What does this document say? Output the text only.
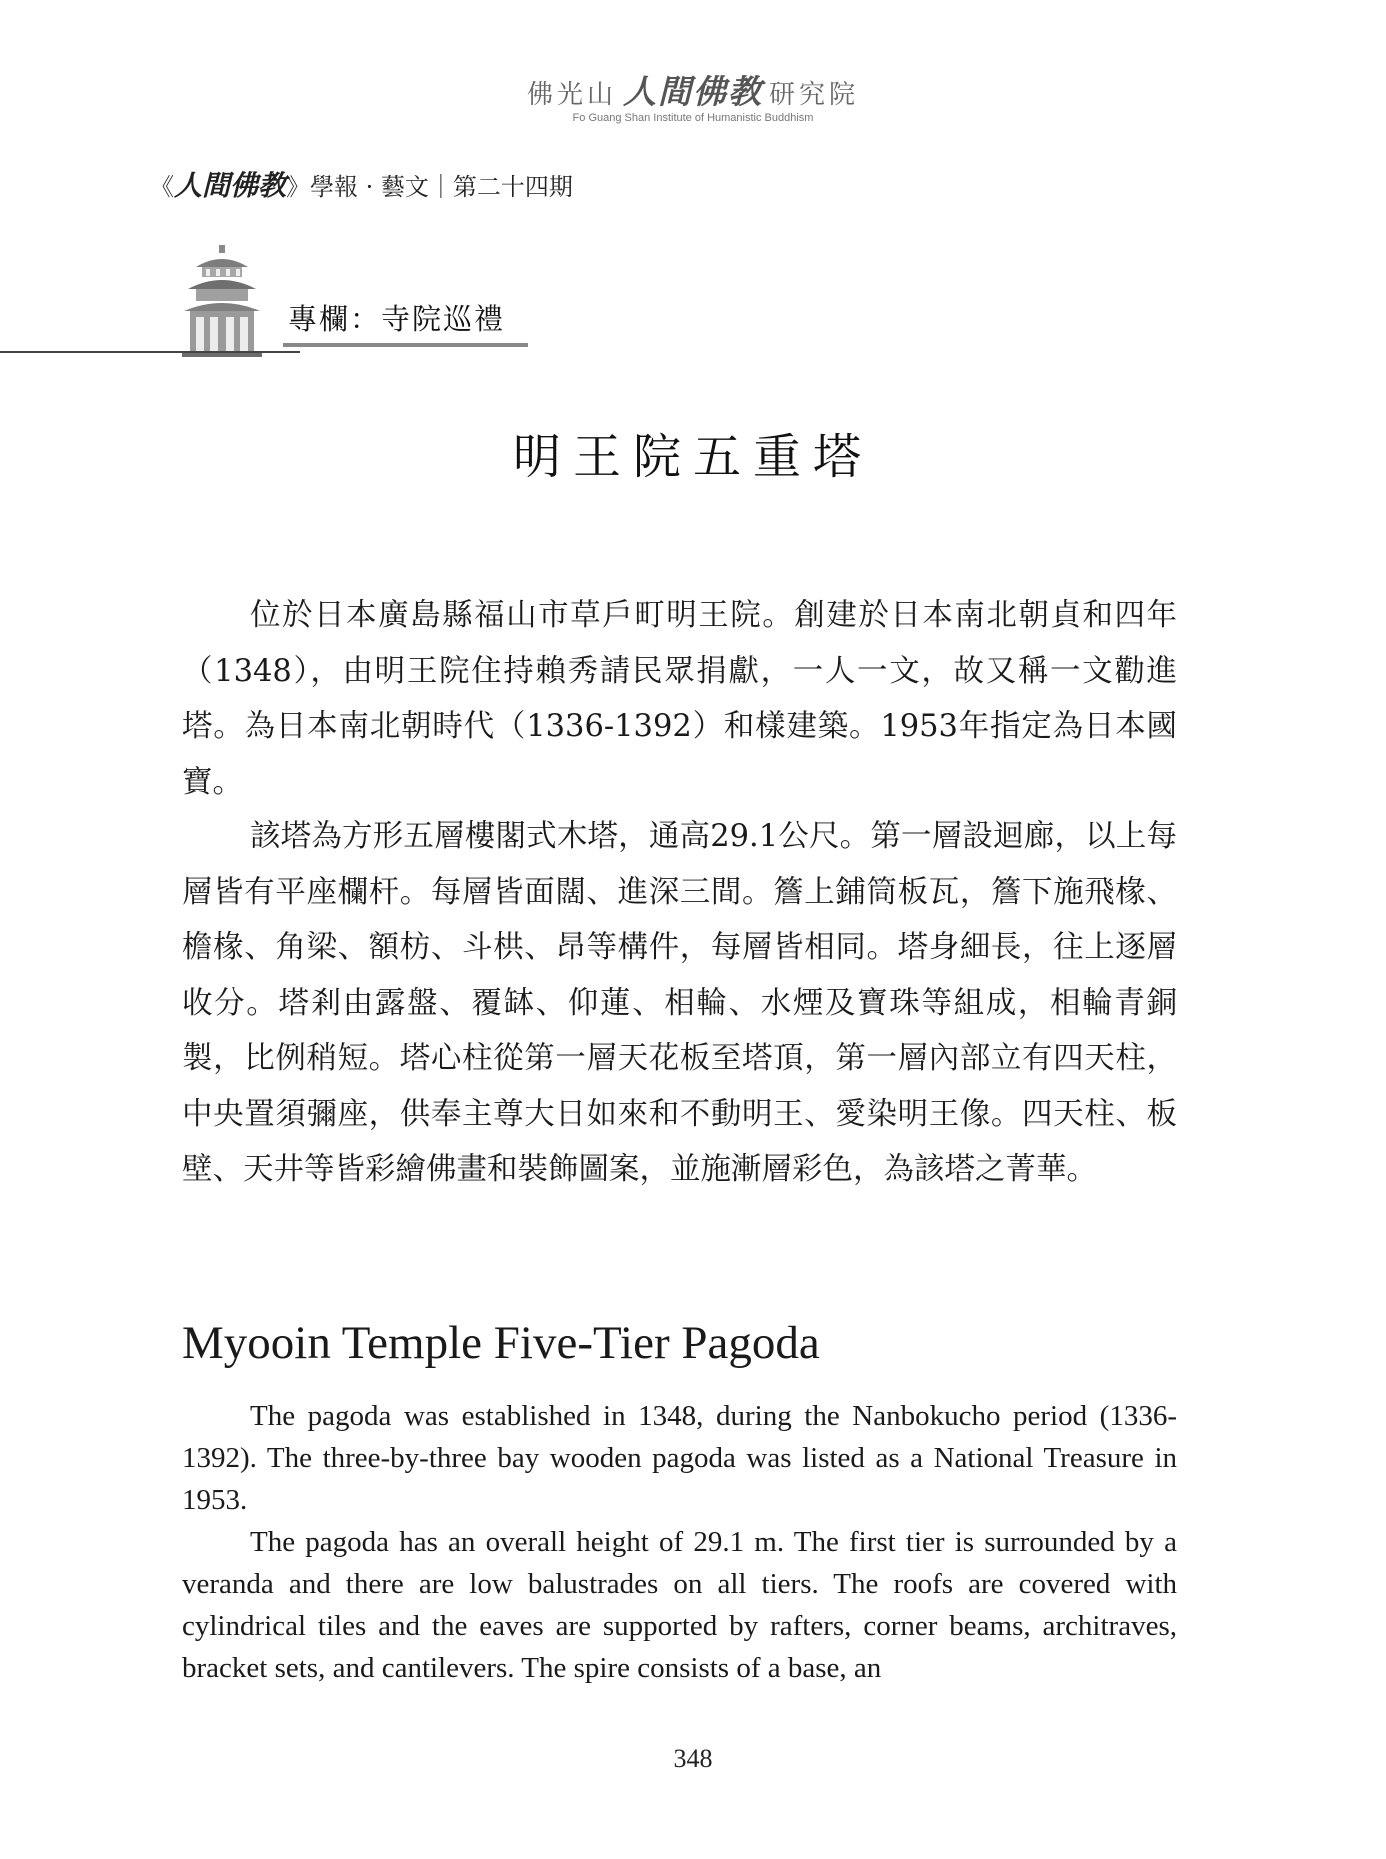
佛光山 人間佛教 研究院
Fo Guang Shan Institute of Humanistic Buddhism
《人間佛教》學報 · 藝文｜第二十四期
專欄：寺院巡禮
明王院五重塔

位於日本廣島縣福山市草戶町明王院。創建於日本南北朝貞和四年（1348），由明王院住持賴秀請民眾捐獻，一人一文，故又稱一文勸進塔。為日本南北朝時代（1336-1392）和樣建築。1953年指定為日本國寶。

該塔為方形五層樓閣式木塔，通高29.1公尺。第一層設迴廊，以上每層皆有平座欄杆。每層皆面闊、進深三間。簷上鋪筒板瓦，簷下施飛椽、檐椽、角梁、額枋、斗栱、昂等構件，每層皆相同。塔身細長，往上逐層收分。塔剎由露盤、覆缽、仰蓮、相輪、水煙及寶珠等組成，相輪青銅製，比例稍短。塔心柱從第一層天花板至塔頂，第一層內部立有四天柱，中央置須彌座，供奉主尊大日如來和不動明王、愛染明王像。四天柱、板壁、天井等皆彩繪佛畫和裝飾圖案，並施漸層彩色，為該塔之菁華。

Myooin Temple Five-Tier Pagoda

The pagoda was established in 1348, during the Nanbokucho period (1336-1392). The three-by-three bay wooden pagoda was listed as a National Treasure in 1953.

The pagoda has an overall height of 29.1 m. The first tier is surrounded by a veranda and there are low balustrades on all tiers. The roofs are covered with cylindrical tiles and the eaves are supported by rafters, corner beams, architraves, bracket sets, and cantilevers. The spire consists of a base, an

348
